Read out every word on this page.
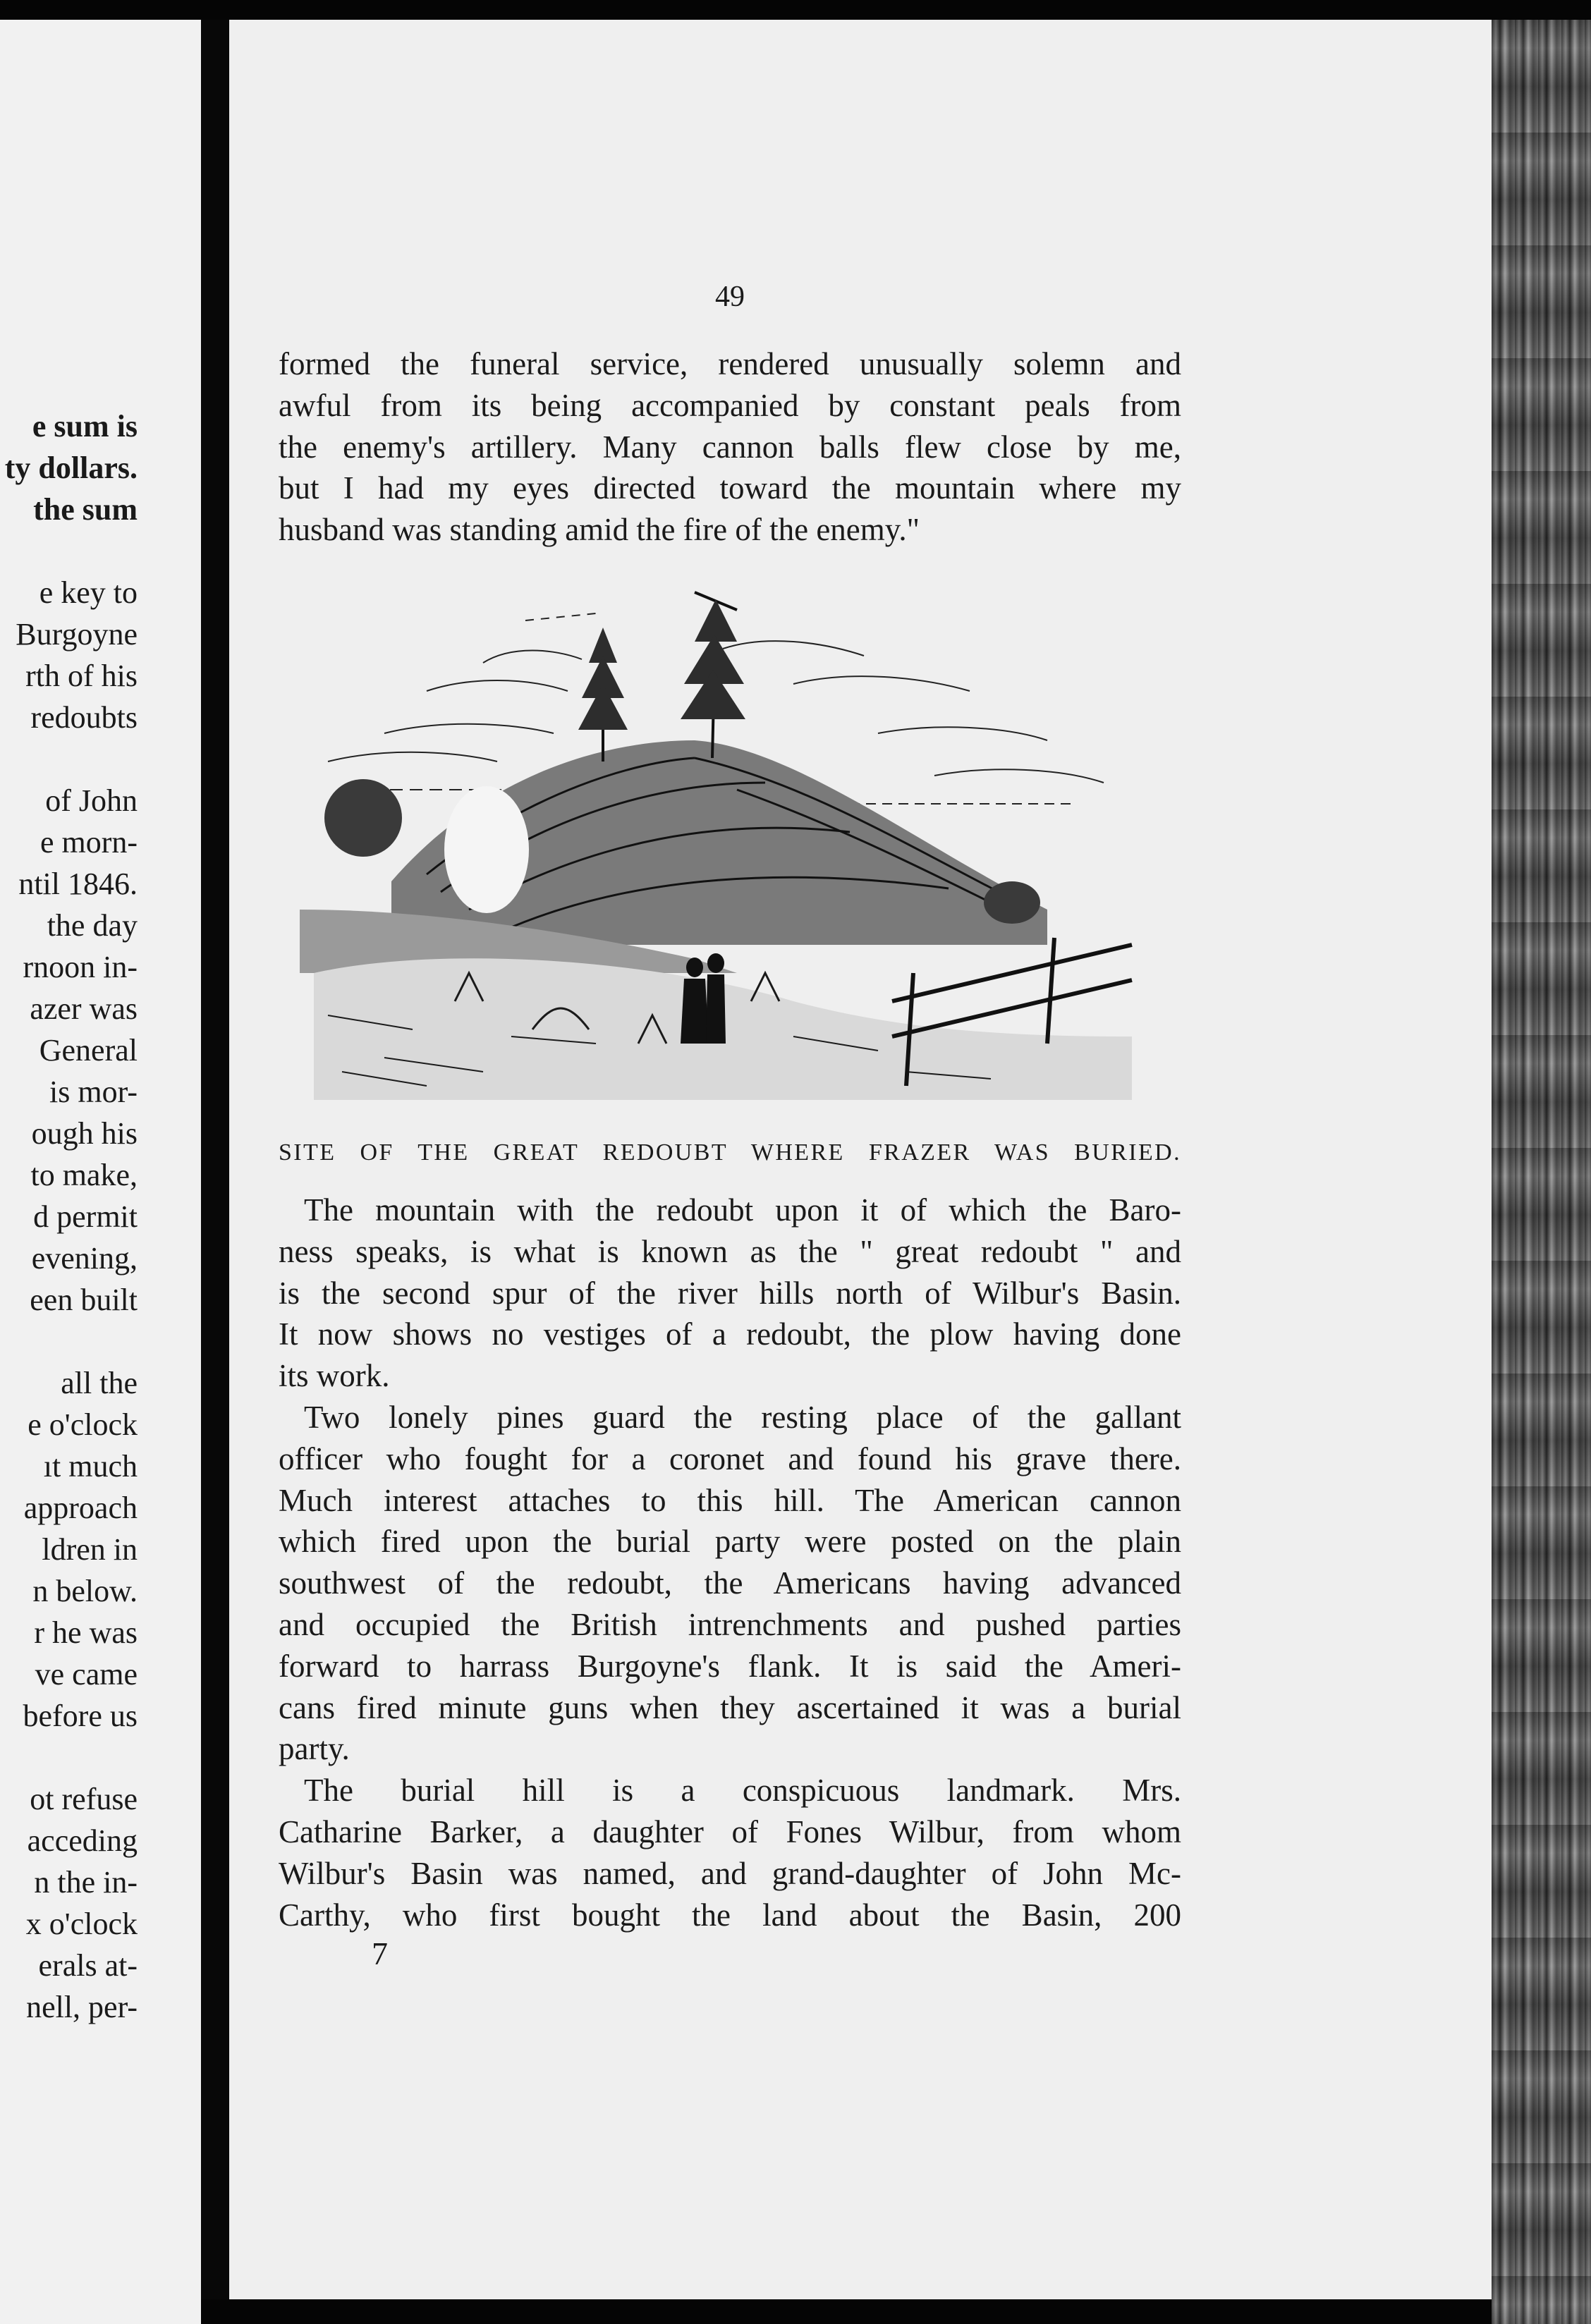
e sum is
ty dollars.
the sum
e key to
Burgoyne
rth of his
redoubts
of John
e morn-
ntil 1846.
the day
rnoon in-
azer was
General
is mor-
ough his
to make,
d permit
evening,
een built
all the
e o'clock
ıt much
approach
ldren in
n below.
r he was
ve came
before us
ot refuse
acceding
n the in-
x o'clock
erals at-
nell, per-

49

formed the funeral service, rendered unusually solemn and
awful from its being accompanied by constant peals from
the enemy's artillery. Many cannon balls flew close by me,
but I had my eyes directed toward the mountain where my
husband was standing amid the fire of the enemy."

SITE OF THE GREAT REDOUBT WHERE FRAZER WAS BURIED.

The mountain with the redoubt upon it of which the Baro-
ness speaks, is what is known as the " great redoubt " and
is the second spur of the river hills north of Wilbur's Basin.
It now shows no vestiges of a redoubt, the plow having done
its work.

Two lonely pines guard the resting place of the gallant
officer who fought for a coronet and found his grave there.
Much interest attaches to this hill. The American cannon
which fired upon the burial party were posted on the plain
southwest of the redoubt, the Americans having advanced
and occupied the British intrenchments and pushed parties
forward to harrass Burgoyne's flank. It is said the Ameri-
cans fired minute guns when they ascertained it was a burial
party.

The burial hill is a conspicuous landmark. Mrs.
Catharine Barker, a daughter of Fones Wilbur, from whom
Wilbur's Basin was named, and grand-daughter of John Mc-
Carthy, who first bought the land about the Basin, 200

7
